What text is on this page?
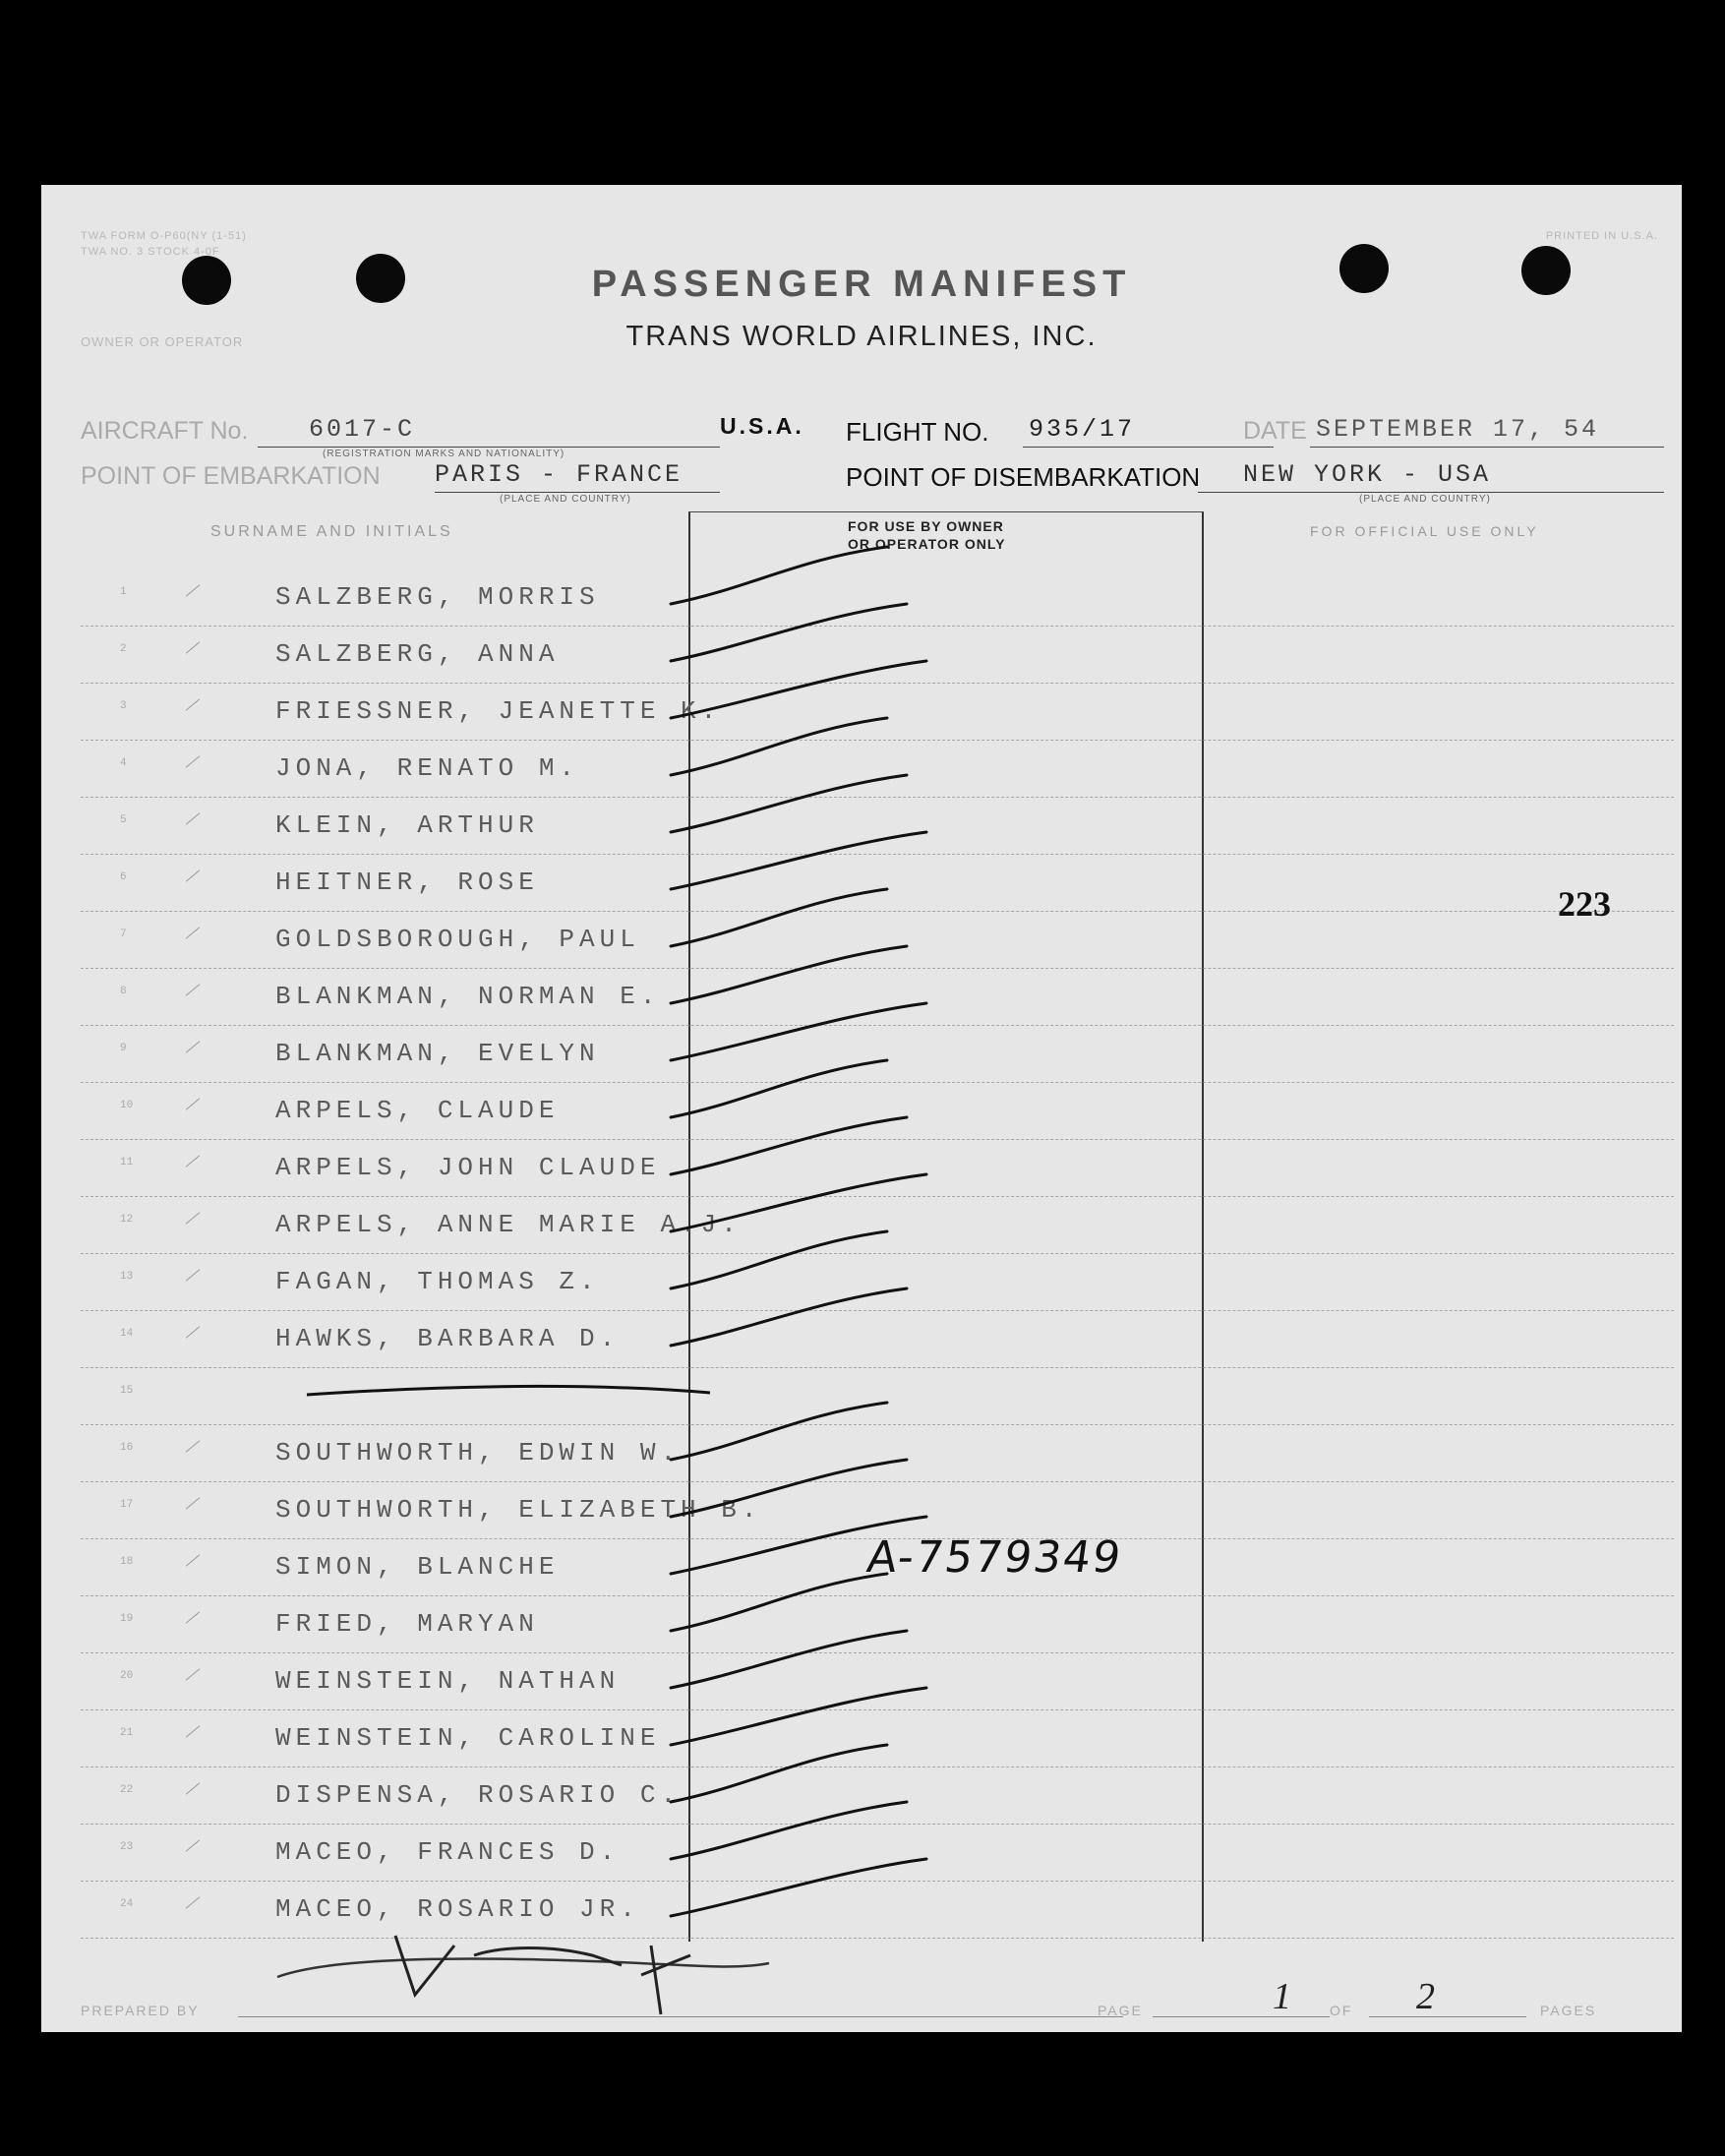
TWA FORM O-P60(NY (1-51)
TWA NO. 3 STOCK 4-0F
PRINTED IN U.S.A.
OWNER OR OPERATOR
PASSENGER MANIFEST
TRANS WORLD AIRLINES, INC.
AIRCRAFT No. 6017-C
(REGISTRATION MARKS AND NATIONALITY)
U.S.A. FLIGHT NO. 935/17	DATE SEPTEMBER 17, 54
POINT OF EMBARKATION PARIS - FRANCE
(PLACE AND COUNTRY)
POINT OF DISEMBARKATION NEW YORK - USA
(PLACE AND COUNTRY)
SURNAME AND INITIALS	FOR USE BY OWNER
OR OPERATOR ONLY
FOR OFFICIAL USE ONLY
1	SALZBERG, MORRIS
2	SALZBERG, ANNA
3	FRIESSNER, JEANETTE K.
4	JONA, RENATO M.
5	KLEIN, ARTHUR
6	HEITNER, ROSE
7	GOLDSBOROUGH, PAUL
8	BLANKMAN, NORMAN E.
9	BLANKMAN, EVELYN
10	ARPELS, CLAUDE
11	ARPELS, JOHN CLAUDE
12	ARPELS, ANNE MARIE A.J.
13	FAGAN, THOMAS Z.
14	HAWKS, BARBARA D.
15
16	SOUTHWORTH, EDWIN W.
17	SOUTHWORTH, ELIZABETH B.
18	SIMON, BLANCHE
19	FRIED, MARYAN
20	WEINSTEIN, NATHAN
21	WEINSTEIN, CAROLINE
22	DISPENSA, ROSARIO C.
23	MACEO, FRANCES D.
24	MACEO, ROSARIO JR.
223
A-7579349
PREPARED BY	PAGE	1	OF 2	PAGES
